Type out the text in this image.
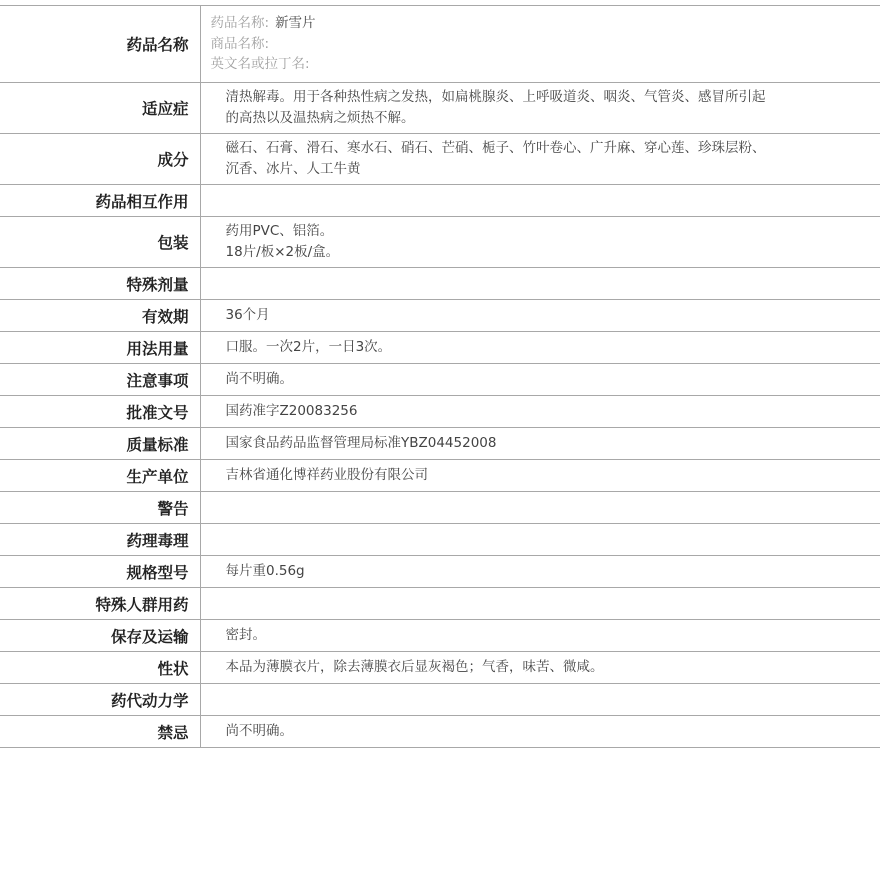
药品名称	药品名称: 新雪片
商品名称:
英文名或拉丁名:

适应症	清热解毒。用于各种热性病之发热，如扁桃腺炎、上呼吸道炎、咽炎、气管炎、感冒所引起
的高热以及温热病之烦热不解。

成分	磁石、石膏、滑石、寒水石、硝石、芒硝、栀子、竹叶卷心、广升麻、穿心莲、珍珠层粉、
沉香、冰片、人工牛黄

药品相互作用	
包装	药用PVC、铝箔。
18片/板×2板/盒。

特殊剂量	
有效期	36个月

用法用量	口服。一次2片，一日3次。

注意事项	尚不明确。

批准文号	国药准字Z20083256

质量标准	国家食品药品监督管理局标准YBZ04452008

生产单位	吉林省通化博祥药业股份有限公司

警告	
药理毒理	
规格型号	每片重0.56g

特殊人群用药	
保存及运输	密封。

性状	本品为薄膜衣片，除去薄膜衣后显灰褐色；气香，味苦、微咸。

药代动力学	
禁忌	尚不明确。
